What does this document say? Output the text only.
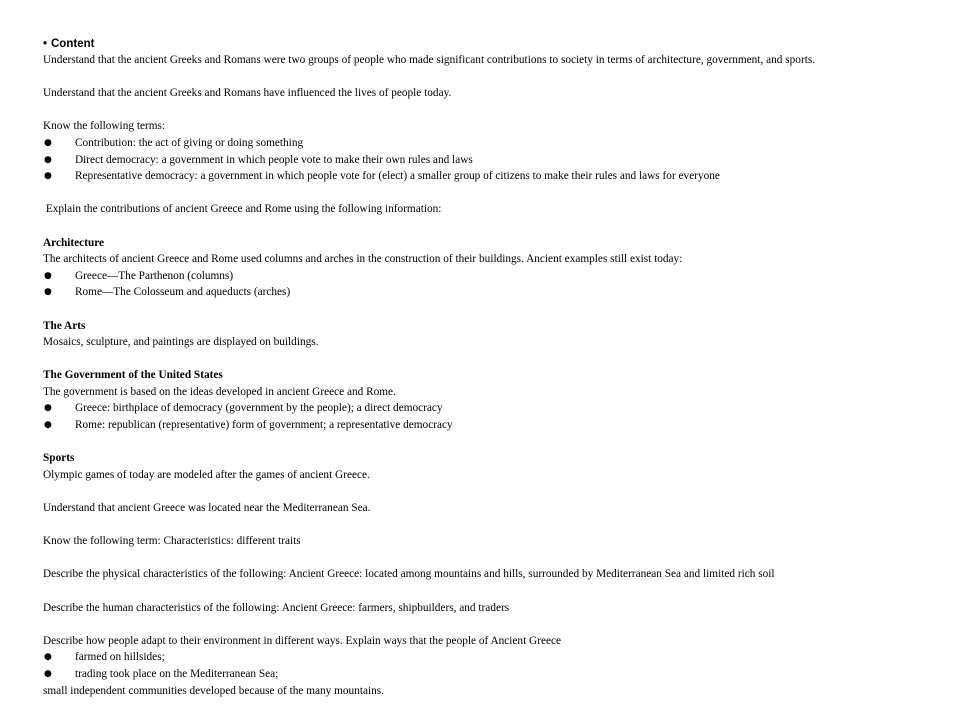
• Content

Understand that the ancient Greeks and Romans were two groups of people who made significant contributions to society in terms of architecture, government, and sports.

Understand that the ancient Greeks and Romans have influenced the lives of people today.

Know the following terms:

● Contribution: the act of giving or doing something
● Direct democracy: a government in which people vote to make their own rules and laws
● Representative democracy: a government in which people vote for (elect) a smaller group of citizens to make their rules and laws for everyone

Explain the contributions of ancient Greece and Rome using the following information:

Architecture

The architects of ancient Greece and Rome used columns and arches in the construction of their buildings. Ancient examples still exist today:

● Greece—The Parthenon (columns)
● Rome—The Colosseum and aqueducts (arches)

The Arts

Mosaics, sculpture, and paintings are displayed on buildings.

The Government of the United States

The government is based on the ideas developed in ancient Greece and Rome.

● Greece: birthplace of democracy (government by the people); a direct democracy
● Rome: republican (representative) form of government; a representative democracy

Sports

Olympic games of today are modeled after the games of ancient Greece.

Understand that ancient Greece was located near the Mediterranean Sea.

Know the following term: Characteristics: different traits

Describe the physical characteristics of the following: Ancient Greece: located among mountains and hills, surrounded by Mediterranean Sea and limited rich soil

Describe the human characteristics of the following: Ancient Greece: farmers, shipbuilders, and traders

Describe how people adapt to their environment in different ways. Explain ways that the people of Ancient Greece

● farmed on hillsides;
● trading took place on the Mediterranean Sea;

small independent communities developed because of the many mountains.
